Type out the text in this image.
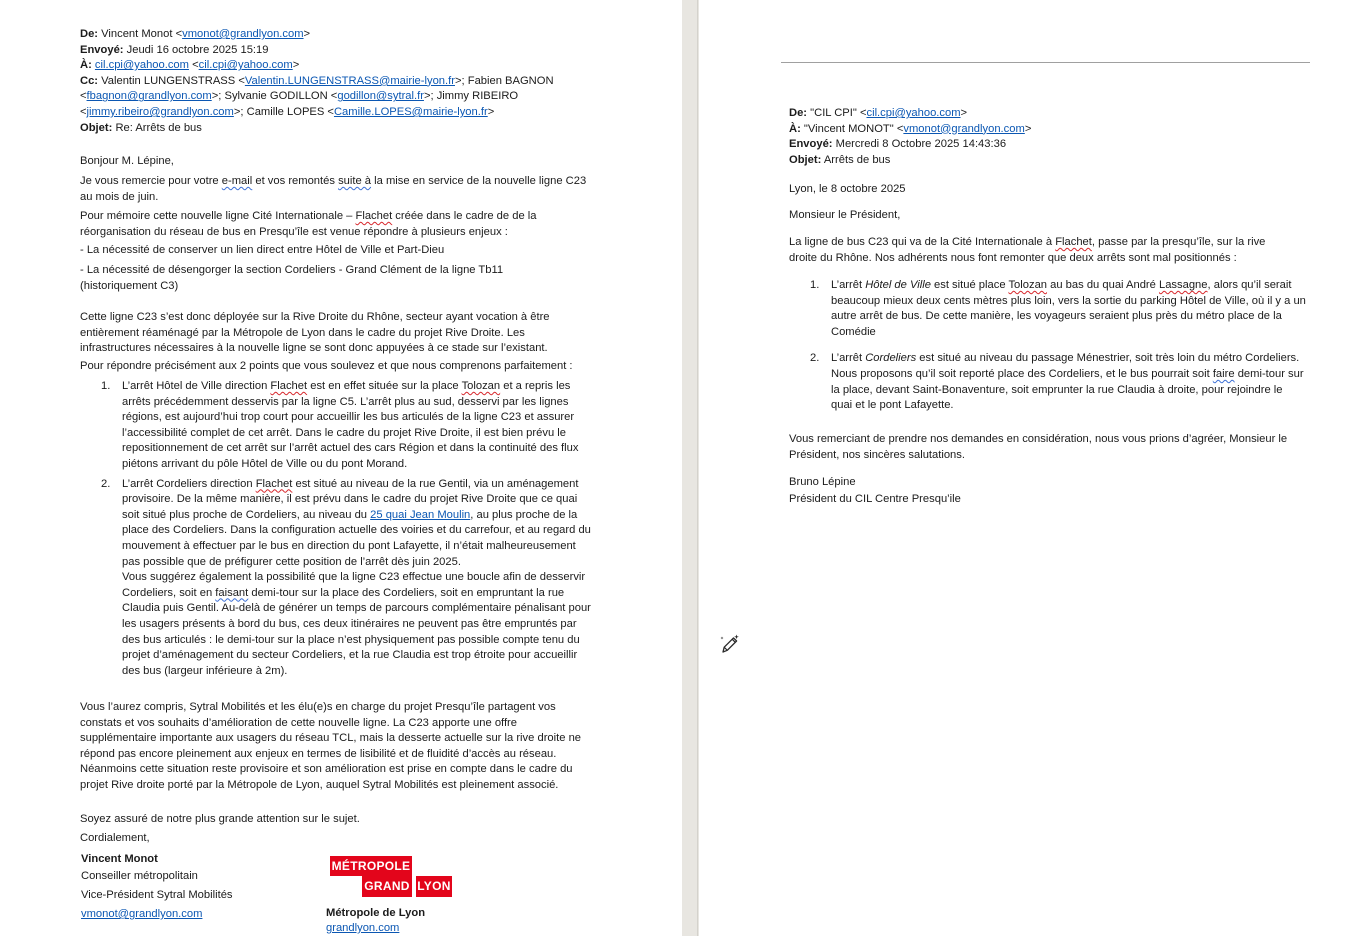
De: Vincent Monot <vmonot@grandlyon.com>

Envoyé: Jeudi 16 octobre 2025 15:19

À: cil.cpi@yahoo.com <cil.cpi@yahoo.com>

Cc: Valentin LUNGENSTRASS <Valentin.LUNGENSTRASS@mairie-lyon.fr>; Fabien BAGNON
<fbagnon@grandlyon.com>; Sylvanie GODILLON <godillon@sytral.fr>; Jimmy RIBEIRO
<jimmy.ribeiro@grandlyon.com>; Camille LOPES <Camille.LOPES@mairie-lyon.fr>

Objet: Re: Arrêts de bus

Bonjour M. Lépine,

Je vous remercie pour votre e-mail et vos remontés suite à la mise en service de la nouvelle ligne C23 au mois de juin.

Pour mémoire cette nouvelle ligne Cité Internationale – Flachet créée dans le cadre de de la réorganisation du réseau de bus en Presqu’île est venue répondre à plusieurs enjeux :

- La nécessité de conserver un lien direct entre Hôtel de Ville et Part-Dieu

- La nécessité de désengorger la section Cordeliers - Grand Clément de la ligne Tb11 (historiquement C3)

Cette ligne C23 s’est donc déployée sur la Rive Droite du Rhône, secteur ayant vocation à être entièrement réaménagé par la Métropole de Lyon dans le cadre du projet Rive Droite. Les infrastructures nécessaires à la nouvelle ligne se sont donc appuyées à ce stade sur l’existant.

Pour répondre précisément aux 2 points que vous soulevez et que nous comprenons parfaitement :

1. L’arrêt Hôtel de Ville direction Flachet est en effet située sur la place Tolozan et a repris les arrêts précédemment desservis par la ligne C5. L’arrêt plus au sud, desservi par les lignes régions, est aujourd’hui trop court pour accueillir les bus articulés de la ligne C23 et assurer l’accessibilité complet de cet arrêt. Dans le cadre du projet Rive Droite, il est bien prévu le repositionnement de cet arrêt sur l’arrêt actuel des cars Région et dans la continuité des flux piétons arrivant du pôle Hôtel de Ville ou du pont Morand.
2. L’arrêt Cordeliers direction Flachet est situé au niveau de la rue Gentil, via un aménagement provisoire. De la même manière, il est prévu dans le cadre du projet Rive Droite que ce quai soit situé plus proche de Cordeliers, au niveau du 25 quai Jean Moulin, au plus proche de la place des Cordeliers. Dans la configuration actuelle des voiries et du carrefour, et au regard du mouvement à effectuer par le bus en direction du pont Lafayette, il n’était malheureusement pas possible que de préfigurer cette position de l’arrêt dès juin 2025.
Vous suggérez également la possibilité que la ligne C23 effectue une boucle afin de desservir Cordeliers, soit en faisant demi-tour sur la place des Cordeliers, soit en empruntant la rue Claudia puis Gentil. Au-delà de générer un temps de parcours complémentaire pénalisant pour les usagers présents à bord du bus, ces deux itinéraires ne peuvent pas être empruntés par des bus articulés : le demi-tour sur la place n’est physiquement pas possible compte tenu du projet d’aménagement du secteur Cordeliers, et la rue Claudia est trop étroite pour accueillir des bus (largeur inférieure à 2m).

Vous l’aurez compris, Sytral Mobilités et les élu(e)s en charge du projet Presqu’île partagent vos constats et vos souhaits d’amélioration de cette nouvelle ligne. La C23 apporte une offre supplémentaire importante aux usagers du réseau TCL, mais la desserte actuelle sur la rive droite ne répond pas encore pleinement aux enjeux en termes de lisibilité et de fluidité d’accès au réseau. Néanmoins cette situation reste provisoire et son amélioration est prise en compte dans le cadre du projet Rive droite porté par la Métropole de Lyon, auquel Sytral Mobilités est pleinement associé.

Soyez assuré de notre plus grande attention sur le sujet.

Cordialement,

Vincent Monot

Conseiller métropolitain

Vice-Président Sytral Mobilités

vmonot@grandlyon.com

MÉTROPOLE
GRAND LYON

Métropole de Lyon

grandlyon.com

De: "CIL CPI" <cil.cpi@yahoo.com>

À: "Vincent MONOT" <vmonot@grandlyon.com>

Envoyé: Mercredi 8 Octobre 2025 14:43:36

Objet: Arrêts de bus

Lyon, le 8 octobre 2025

Monsieur le Président,

La ligne de bus C23 qui va de la Cité Internationale à Flachet, passe par la presqu’île, sur la rive droite du Rhône. Nos adhérents nous font remonter que deux arrêts sont mal positionnés :

1. L’arrêt Hôtel de Ville est situé place Tolozan au bas du quai André Lassagne, alors qu’il serait beaucoup mieux deux cents mètres plus loin, vers la sortie du parking Hôtel de Ville, où il y a un autre arrêt de bus. De cette manière, les voyageurs seraient plus près du métro place de la Comédie
2. L’arrêt Cordeliers est situé au niveau du passage Ménestrier, soit très loin du métro Cordeliers. Nous proposons qu’il soit reporté place des Cordeliers, et le bus pourrait soit faire demi-tour sur la place, devant Saint-Bonaventure, soit emprunter la rue Claudia à droite, pour rejoindre le quai et le pont Lafayette.

Vous remerciant de prendre nos demandes en considération, nous vous prions d’agréer, Monsieur le Président, nos sincères salutations.

Bruno Lépine

Président du CIL Centre Presqu’ile
